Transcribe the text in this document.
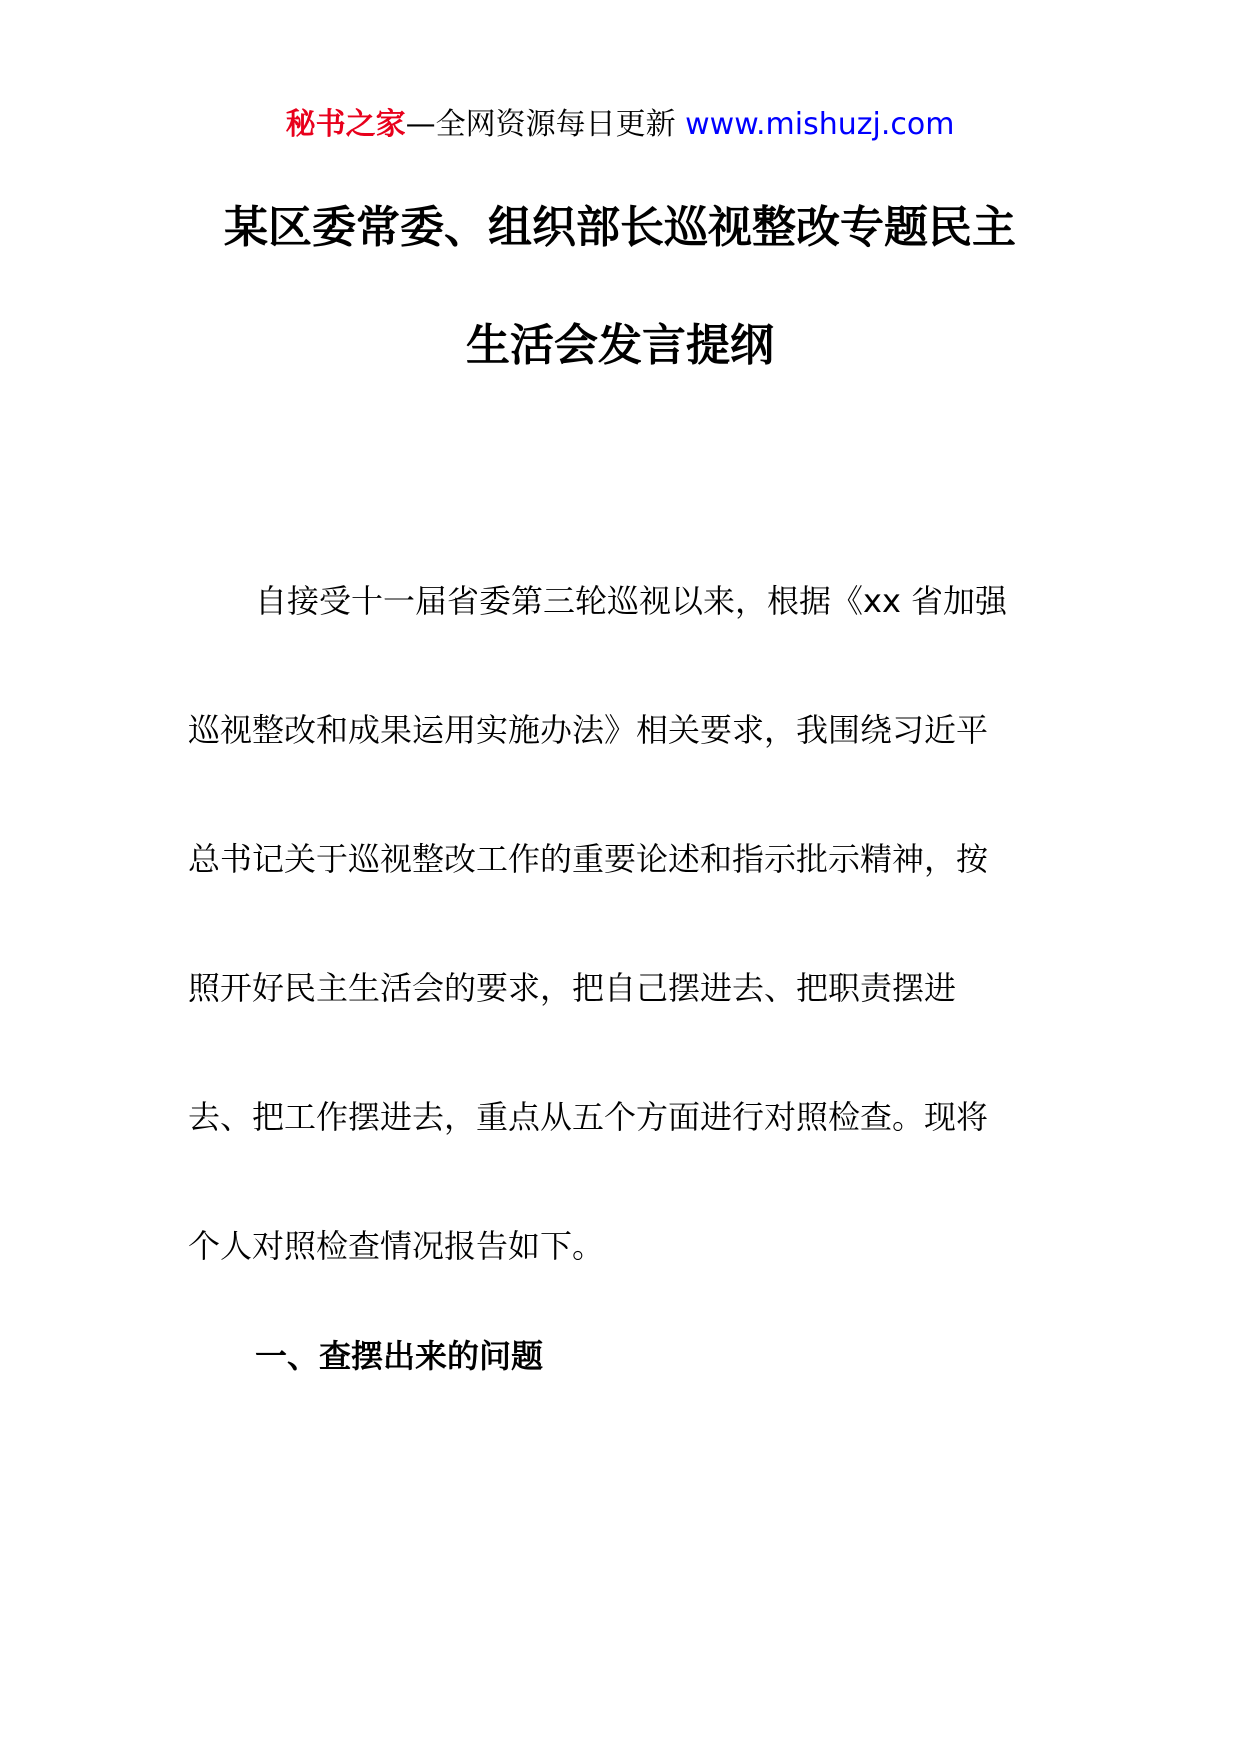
秘书之家—全网资源每日更新 www.mishuzj.com
某区委常委、组织部长巡视整改专题民主
生活会发言提纲
自接受十一届省委第三轮巡视以来，根据《xx 省加强
巡视整改和成果运用实施办法》相关要求，我围绕习近平
总书记关于巡视整改工作的重要论述和指示批示精神，按
照开好民主生活会的要求，把自己摆进去、把职责摆进
去、把工作摆进去，重点从五个方面进行对照检查。现将
个人对照检查情况报告如下。
一、查摆出来的问题
